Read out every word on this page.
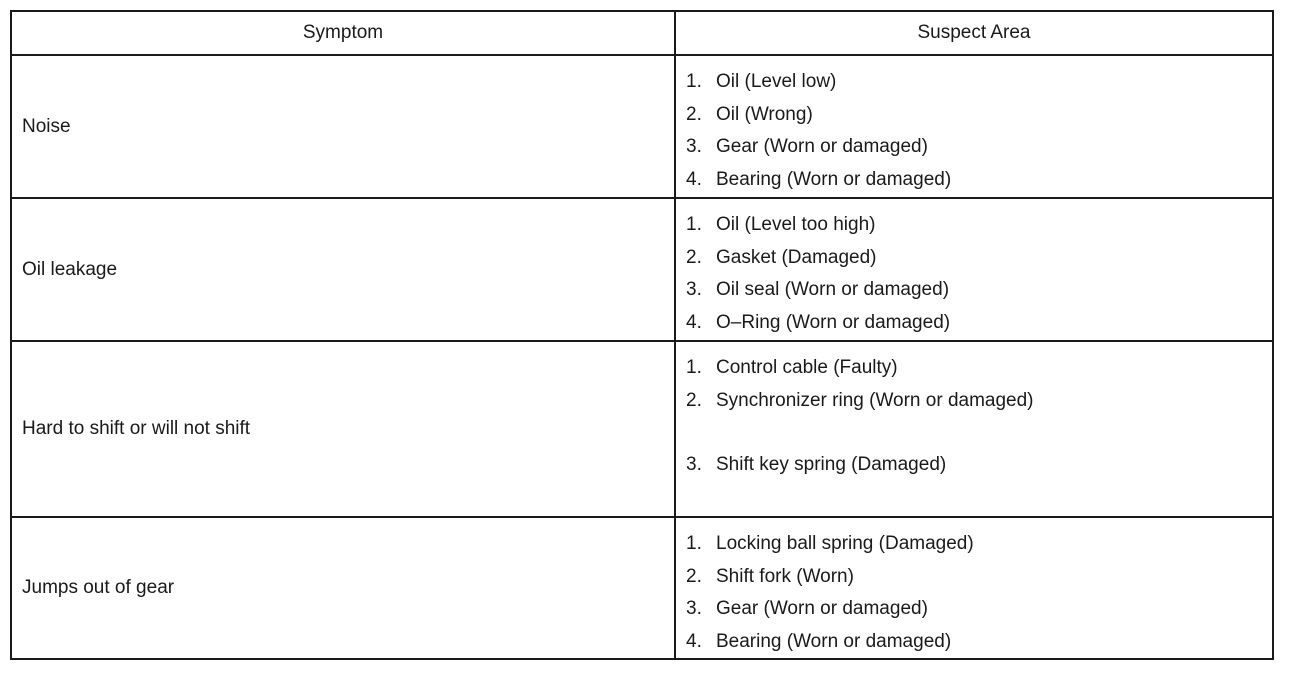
Symptom	Suspect Area
Noise
1. Oil (Level low)
2. Oil (Wrong)
3. Gear (Worn or damaged)
4. Bearing (Worn or damaged)
Oil leakage
1. Oil (Level too high)
2. Gasket (Damaged)
3. Oil seal (Worn or damaged)
4. O–Ring (Worn or damaged)
Hard to shift or will not shift
1. Control cable (Faulty)
2. Synchronizer ring (Worn or damaged)
3. Shift key spring (Damaged)
Jumps out of gear
1. Locking ball spring (Damaged)
2. Shift fork (Worn)
3. Gear (Worn or damaged)
4. Bearing (Worn or damaged)
